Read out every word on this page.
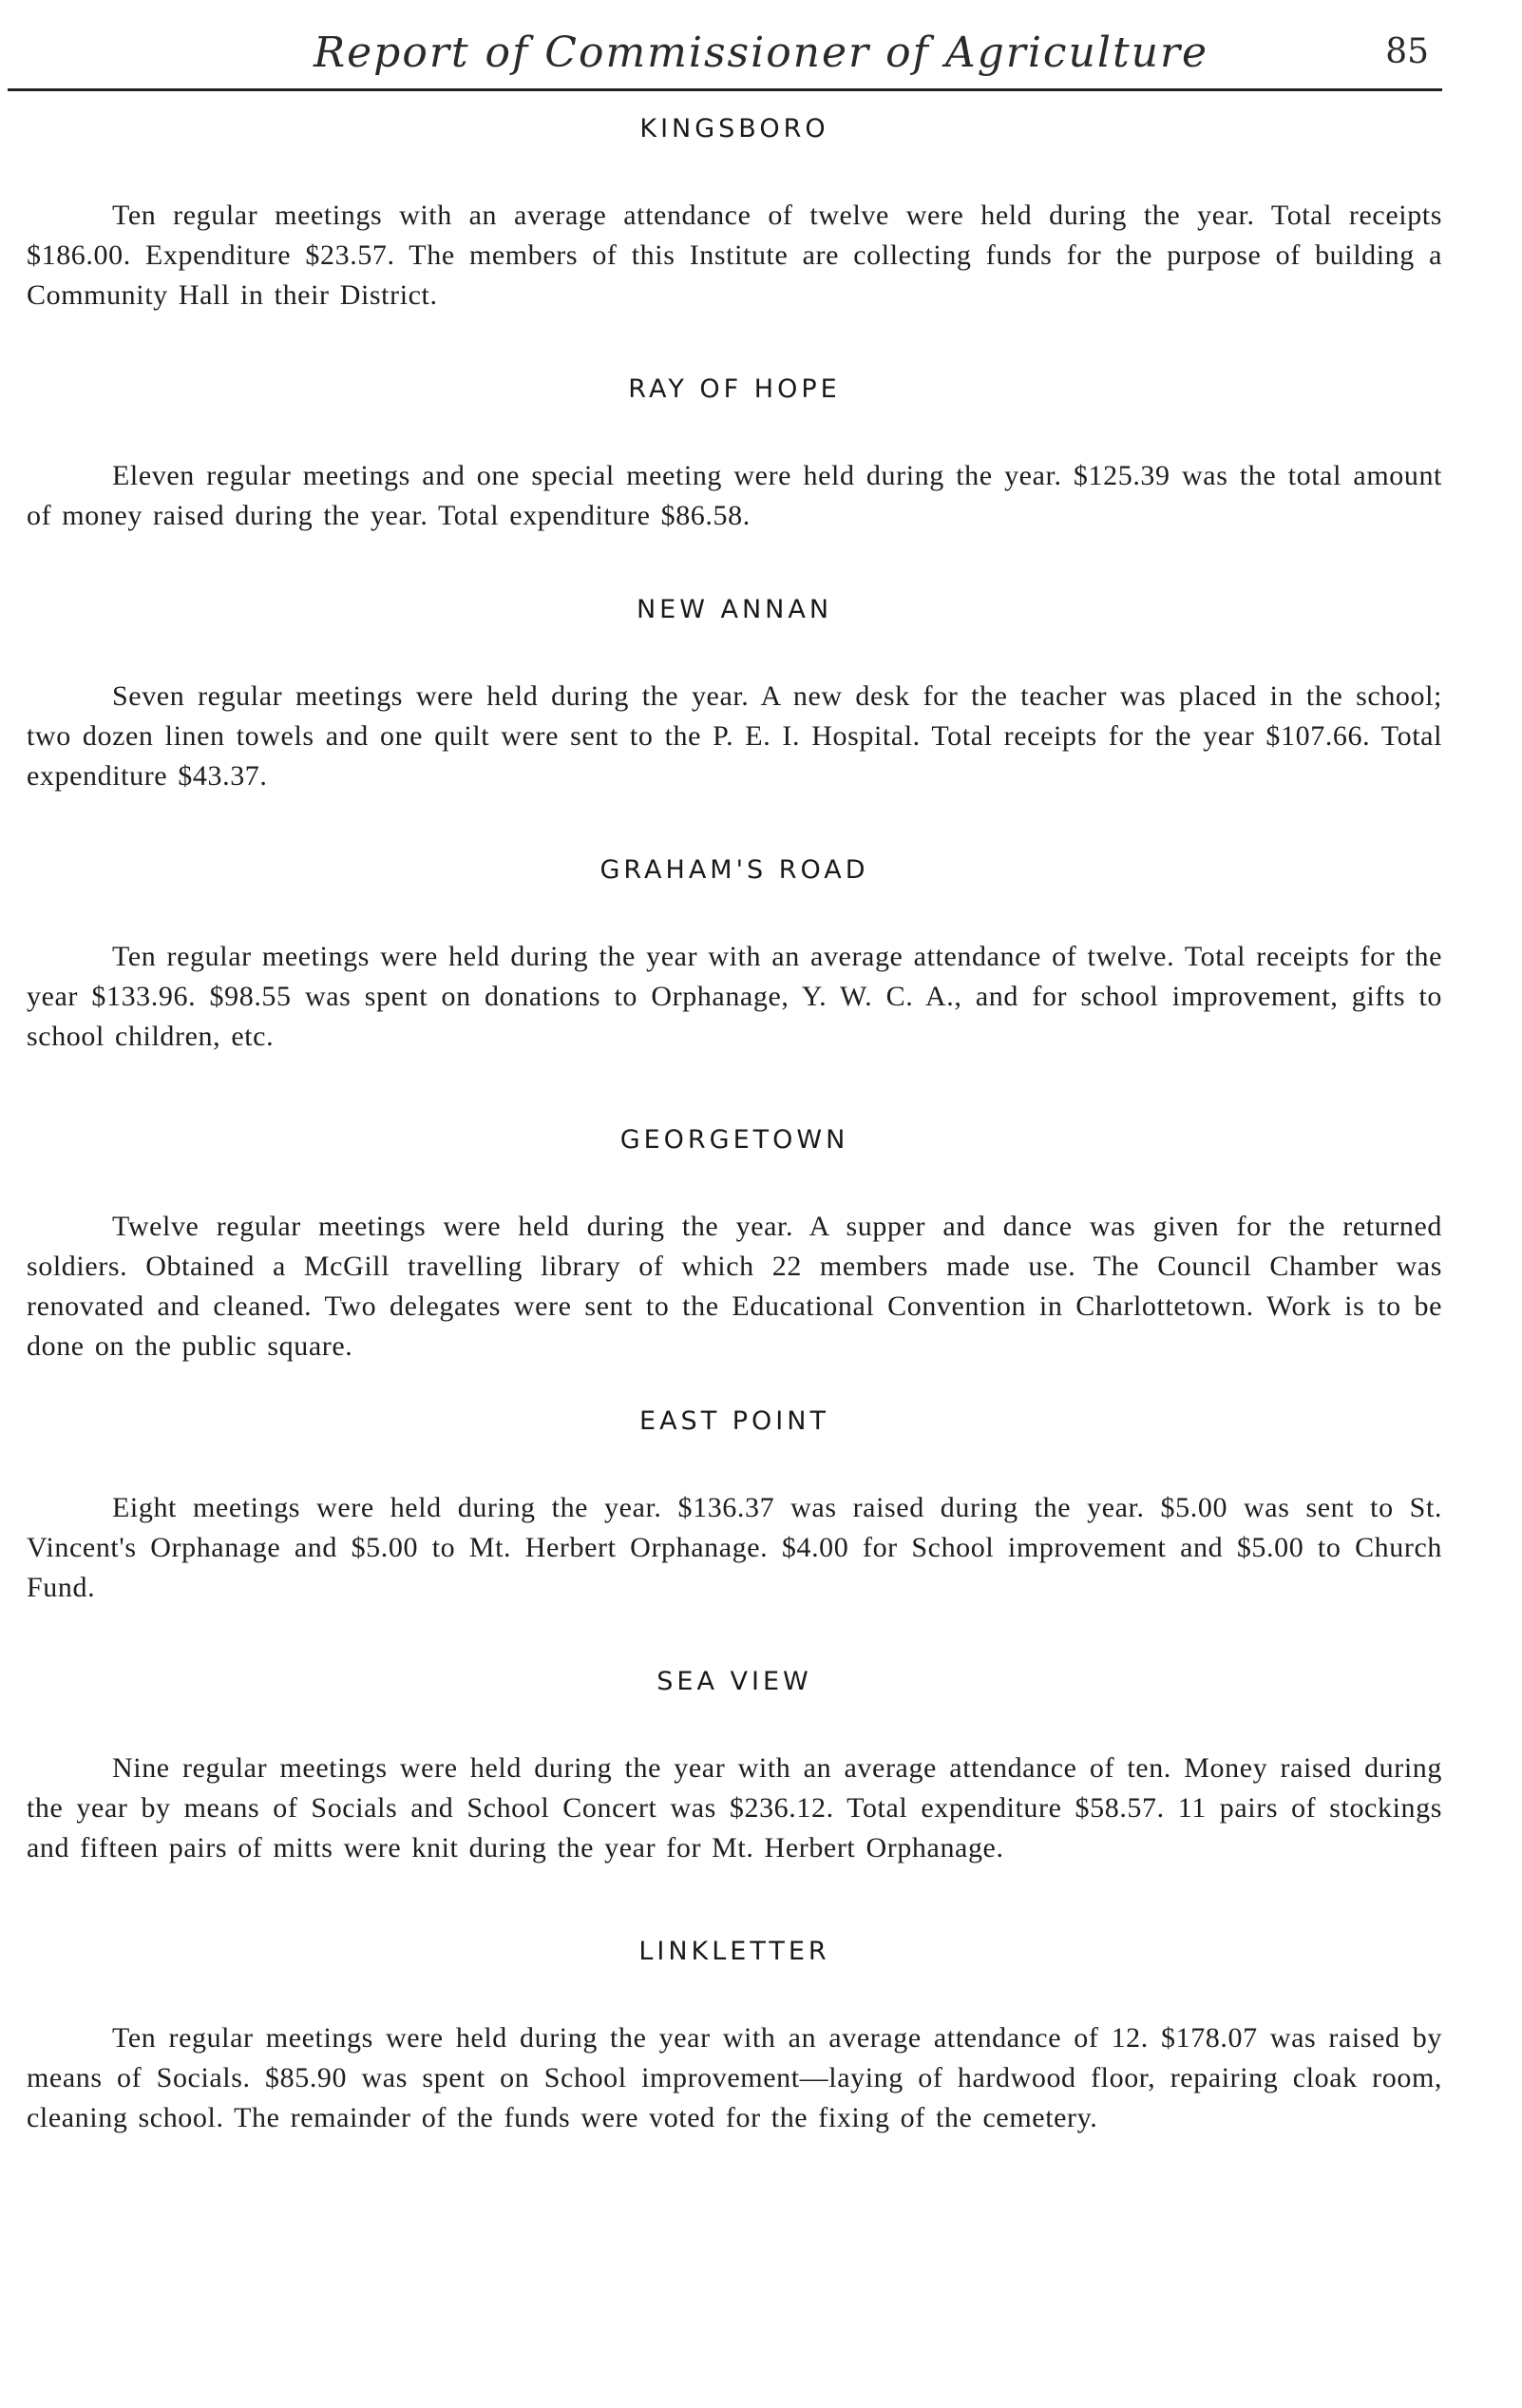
Report of Commissioner of Agriculture	85
KINGSBORO

Ten regular meetings with an average attendance of twelve were held during the year. Total receipts $186.00. Expenditure $23.57. The members of this Institute are collecting funds for the purpose of building a Community Hall in their District.

RAY OF HOPE

Eleven regular meetings and one special meeting were held during the year. $125.39 was the total amount of money raised during the year. Total expenditure $86.58.

NEW ANNAN

Seven regular meetings were held during the year. A new desk for the teacher was placed in the school; two dozen linen towels and one quilt were sent to the P. E. I. Hospital. Total receipts for the year $107.66. Total expenditure $43.37.

GRAHAM'S ROAD

Ten regular meetings were held during the year with an average attendance of twelve. Total receipts for the year $133.96. $98.55 was spent on donations to Orphanage, Y. W. C. A., and for school improvement, gifts to school children, etc.

GEORGETOWN

Twelve regular meetings were held during the year. A supper and dance was given for the returned soldiers. Obtained a McGill travelling library of which 22 members made use. The Council Chamber was renovated and cleaned. Two delegates were sent to the Educational Convention in Charlottetown. Work is to be done on the public square.

EAST POINT

Eight meetings were held during the year. $136.37 was raised during the year. $5.00 was sent to St. Vincent's Orphanage and $5.00 to Mt. Herbert Orphanage. $4.00 for School improvement and $5.00 to Church Fund.

SEA VIEW

Nine regular meetings were held during the year with an average attendance of ten. Money raised during the year by means of Socials and School Concert was $236.12. Total expenditure $58.57. 11 pairs of stockings and fifteen pairs of mitts were knit during the year for Mt. Herbert Orphanage.

LINKLETTER

Ten regular meetings were held during the year with an average attendance of 12. $178.07 was raised by means of Socials. $85.90 was spent on School improvement—laying of hardwood floor, repairing cloak room, cleaning school. The remainder of the funds were voted for the fixing of the cemetery.
